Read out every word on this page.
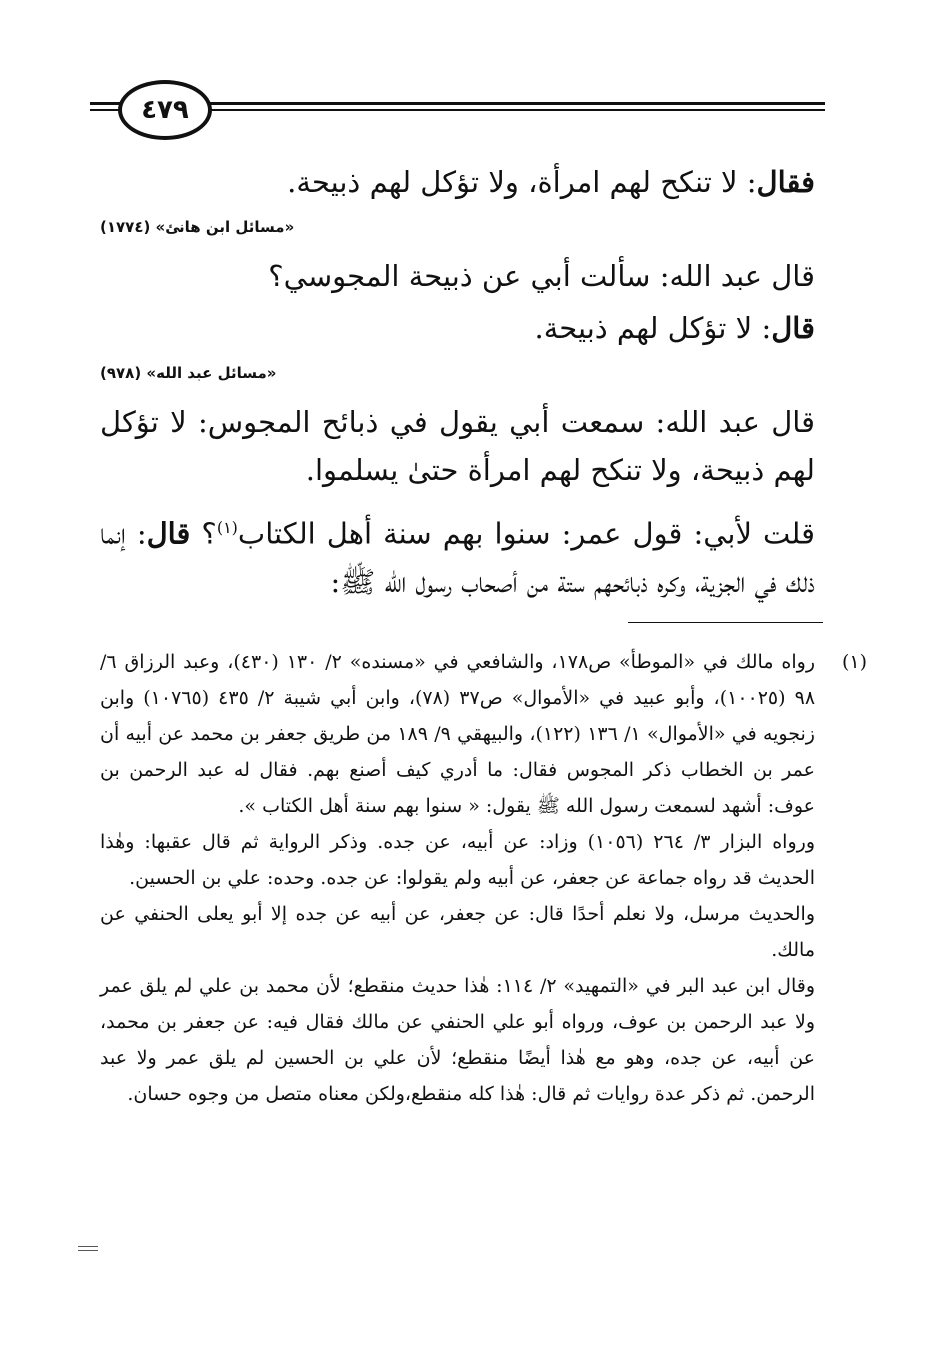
٤٧٩
فقال: لا تنكح لهم امرأة، ولا تؤكل لهم ذبيحة.
«مسائل ابن هانئ» (١٧٧٤)
قال عبد الله: سألت أبي عن ذبيحة المجوسي؟
قال: لا تؤكل لهم ذبيحة.
«مسائل عبد الله» (٩٧٨)
قال عبد الله: سمعت أبي يقول في ذبائح المجوس: لا تؤكل لهم ذبيحة، ولا تنكح لهم امرأة حتىٰ يسلموا.
قلت لأبي: قول عمر: سنوا بهم سنة أهل الكتاب$^{(١)}$؟ قال: إنما ذلك في الجزية، وكره ذبائحهم ستة من أصحاب رسول الله ﷺ:
(١)

رواه مالك في «الموطأ» ص١٧٨، والشافعي في «مسنده» ٢/ ١٣٠ (٤٣٠)، وعبد الرزاق ٦/ ٩٨ (١٠٠٢٥)، وأبو عبيد في «الأموال» ص٣٧ (٧٨)، وابن أبي شيبة ٢/ ٤٣٥ (١٠٧٦٥) وابن زنجويه في «الأموال» ١/ ١٣٦ (١٢٢)، والبيهقي ٩/ ١٨٩ من طريق جعفر بن محمد عن أبيه أن عمر بن الخطاب ذكر المجوس فقال: ما أدري كيف أصنع بهم. فقال له عبد الرحمن بن عوف: أشهد لسمعت رسول الله ﷺ يقول: « سنوا بهم سنة أهل الكتاب ».

ورواه البزار ٣/ ٢٦٤ (١٠٥٦) وزاد: عن أبيه، عن جده. وذكر الرواية ثم قال عقبها: وهٰذا الحديث قد رواه جماعة عن جعفر، عن أبيه ولم يقولوا: عن جده. وحده: علي بن الحسين.

والحديث مرسل، ولا نعلم أحدًا قال: عن جعفر، عن أبيه عن جده إلا أبو يعلى الحنفي عن مالك.

وقال ابن عبد البر في «التمهيد» ٢/ ١١٤: هٰذا حديث منقطع؛ لأن محمد بن علي لم يلق عمر ولا عبد الرحمن بن عوف، ورواه أبو علي الحنفي عن مالك فقال فيه: عن جعفر بن محمد، عن أبيه، عن جده، وهو مع هٰذا أيضًا منقطع؛ لأن علي بن الحسين لم يلق عمر ولا عبد الرحمن. ثم ذكر عدة روايات ثم قال: هٰذا كله منقطع،ولكن معناه متصل من وجوه حسان.
